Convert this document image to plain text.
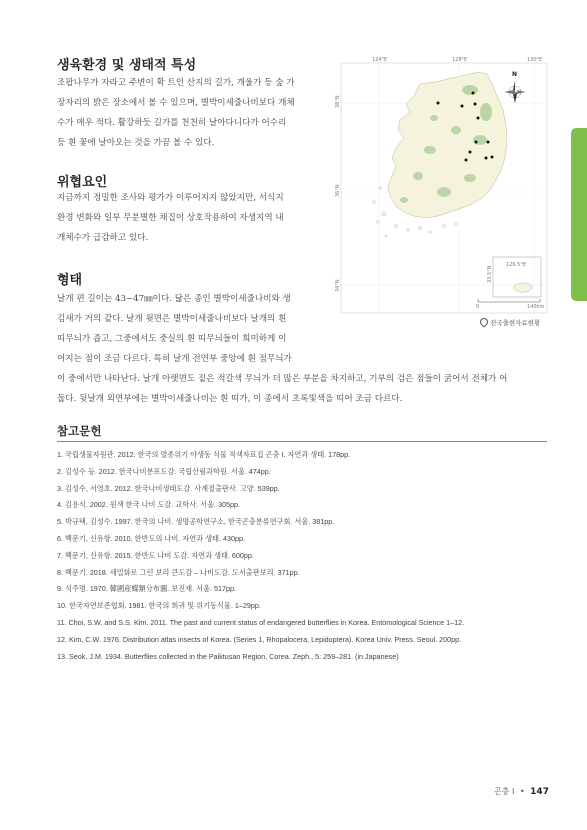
생육환경 및 생태적 특성
조팝나무가 자라고 주변이 확 트인 산지의 길가, 개울가 등 숲 가
장자리의 밝은 장소에서 볼 수 있으며, 별박이세줄나비보다 개체
수가 매우 적다. 활강하듯 길가를 천천히 날아다니다가 어수리
등 흰 꽃에 날아오는 것을 가끔 볼 수 있다.
위협요인
지금까지 정밀한 조사와 평가가 이루어지지 않았지만, 서식지
환경 변화와 일부 무분별한 채집이 상호작용하여 자생지역 내
개체수가 급감하고 있다.
형태
날개 편 길이는 43~47㎜이다. 닮은 종인 별박이세줄나비와 생
김새가 거의 같다. 날개 윗면은 별박이세줄나비보다 날개의 흰
띠무늬가 좁고, 그중에서도 중실의 흰 띠무늬들이 희미하게 이
어지는 점이 조금 다르다. 특히 날개 전연부 중앙에 흰 점무늬가
이 중에서만 나타난다. 날개 아랫면도 짙은 적갈색 무늬가 더 많은 부분을 차지하고, 기부의 검은 점들이 굵어서 전체가 어
둡다. 뒷날개 외연부에는 별박이세줄나비는 흰 띠가, 이 종에서 초록빛색을 띠어 조금 다르다.
124°E	128°E	130°E
38°N
36°N
34°N
126.5°E
33.5°N
N
0	140km
전국출현자료현황
참고문헌
1. 국립생물자원관. 2012. 한국의 멸종위기 야생동 식물 적색자료집 곤충 I. 자연과 생태. 178pp.
2. 김성수 등. 2012. 한국나비분포도감. 국립산림과학원. 서울. 474pp.
3. 김성수, 서영호. 2012. 한국나비생태도감. 사계절출판사. 고양. 539pp.
4. 김용식. 2002. 원색 한국 나비 도감. 교학사. 서울. 305pp.
5. 박규택, 김성수. 1997. 한국의 나비. 생명공학연구소, 한국곤충분류연구회. 서울. 381pp.
6. 백문기, 신유항. 2010. 한반도의 나비. 자연과 생태. 430pp.
7. 백문기, 신유항. 2015. 한반도 나비 도감. 자연과 생태. 600pp.
8. 백문기. 2018. 세밀화로 그린 보리 큰도감 – 나비도감. 도서출판보리. 371pp.
9. 석주명. 1970. 韓國産蝶類分布圖. 보진재. 서울. 517pp.
10. 한국자연보존협회. 1981. 한국의 희귀 및 위기동식물. 1–29pp.
11. Choi, S.W. and S.S. Kim. 2011. The past and current status of endangered butterflies in Korea. Entomological Science 1–12.
12. Kim, C.W. 1976. Distribution atlas insects of Korea. (Series 1, Rhopalocera, Lepidoptera). Korea Univ. Press. Seoul. 200pp.
13. Seok, J.M. 1934. Butterflies collected in the Paiktusan Region, Corea. Zeph., 5: 259–281. (in Japanese)
곤충 I • 147
